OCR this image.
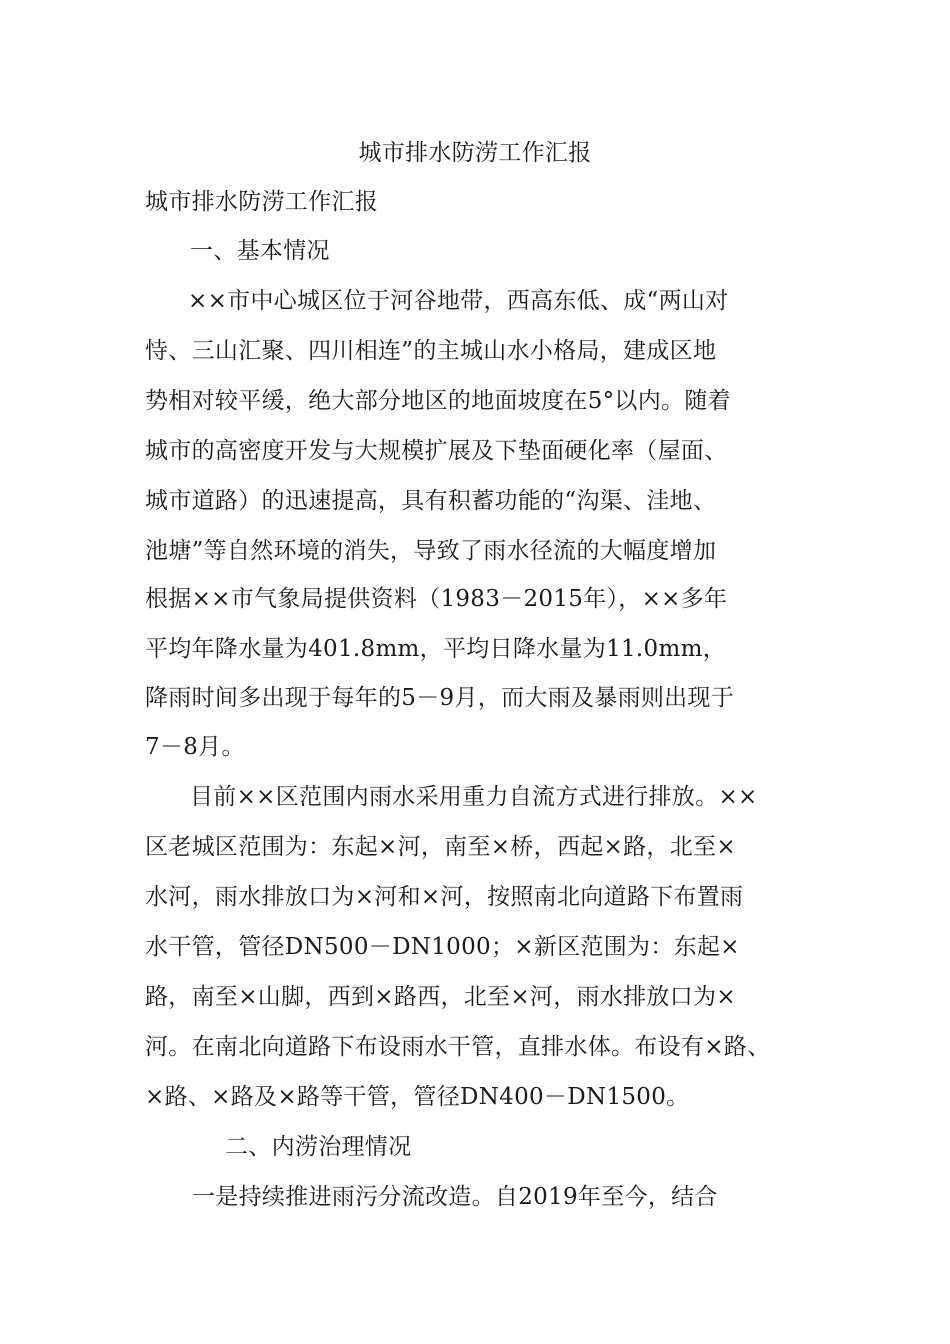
城市排水防涝工作汇报
城市排水防涝工作汇报
一、基本情况
××市中心城区位于河谷地带，西高东低、成“两山对
恃、三山汇聚、四川相连”的主城山水小格局，建成区地
势相对较平缓，绝大部分地区的地面坡度在5°以内。随着
城市的高密度开发与大规模扩展及下垫面硬化率（屋面、
城市道路）的迅速提高，具有积蓄功能的“沟渠、洼地、
池塘”等自然环境的消失，导致了雨水径流的大幅度增加
根据××市气象局提供资料（1983－2015年），××多年
平均年降水量为401.8mm，平均日降水量为11.0mm，
降雨时间多出现于每年的5－9月，而大雨及暴雨则出现于
7－8月。
目前××区范围内雨水采用重力自流方式进行排放。××
区老城区范围为：东起×河，南至×桥，西起×路，北至×
水河，雨水排放口为×河和×河，按照南北向道路下布置雨
水干管，管径DN500－DN1000；×新区范围为：东起×
路，南至×山脚，西到×路西，北至×河，雨水排放口为×
河。在南北向道路下布设雨水干管，直排水体。布设有×路、
×路、×路及×路等干管，管径DN400－DN1500。
二、内涝治理情况
一是持续推进雨污分流改造。自2019年至今，结合
